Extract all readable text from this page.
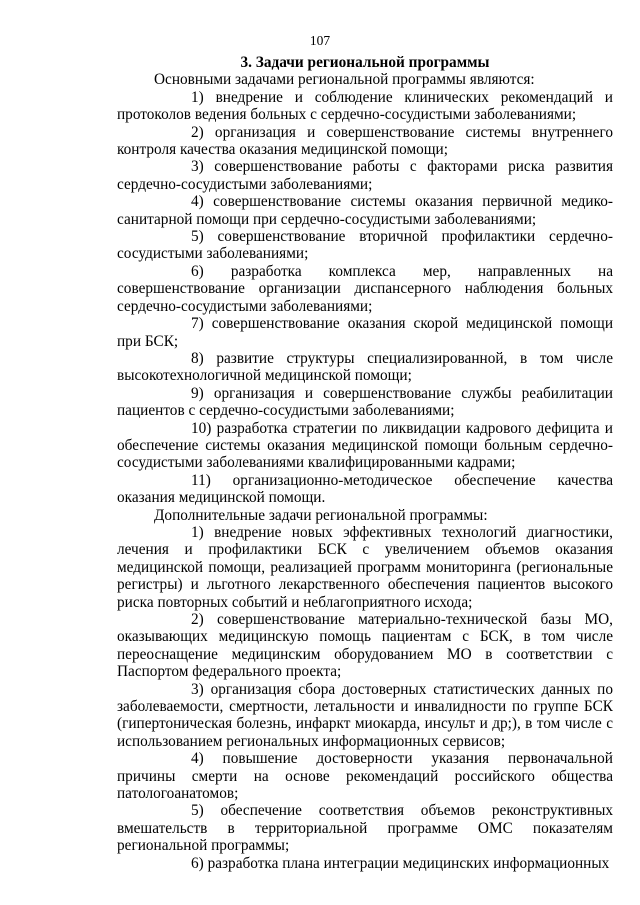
107

3. Задачи региональной программы

Основными задачами региональной программы являются:

1) внедрение и соблюдение клинических рекомендаций и протоколов ведения больных с сердечно-сосудистыми заболеваниями;

2) организация и совершенствование системы внутреннего контроля качества оказания медицинской помощи;

3) совершенствование работы с факторами риска развития сердечно-сосудистыми заболеваниями;

4) совершенствование системы оказания первичной медико-санитарной помощи при сердечно-сосудистыми заболеваниями;

5) совершенствование вторичной профилактики сердечно-сосудистыми заболеваниями;

6) разработка комплекса мер, направленных на совершенствование организации диспансерного наблюдения больных сердечно-сосудистыми заболеваниями;

7) совершенствование оказания скорой медицинской помощи при БСК;

8) развитие структуры специализированной, в том числе высокотехнологичной медицинской помощи;

9) организация и совершенствование службы реабилитации пациентов с сердечно-сосудистыми заболеваниями;

10) разработка стратегии по ликвидации кадрового дефицита и обеспечение системы оказания медицинской помощи больным сердечно-сосудистыми заболеваниями квалифицированными кадрами;

11) организационно-методическое обеспечение качества оказания медицинской помощи.

Дополнительные задачи региональной программы:

1) внедрение новых эффективных технологий диагностики, лечения и профилактики БСК с увеличением объемов оказания медицинской помощи, реализацией программ мониторинга (региональные регистры) и льготного лекарственного обеспечения пациентов высокого риска повторных событий и неблагоприятного исхода;

2) совершенствование материально-технической базы МО, оказывающих медицинскую помощь пациентам с БСК, в том числе переоснащение медицинским оборудованием МО в соответствии с Паспортом федерального проекта;

3) организация сбора достоверных статистических данных по заболеваемости, смертности, летальности и инвалидности по группе БСК (гипертоническая болезнь, инфаркт миокарда, инсульт и др;), в том числе с использованием региональных информационных сервисов;

4) повышение достоверности указания первоначальной причины смерти на основе рекомендаций российского общества патологоанатомов;

5) обеспечение соответствия объемов реконструктивных вмешательств в территориальной программе ОМС показателям региональной программы;

6) разработка плана интеграции медицинских информационных
